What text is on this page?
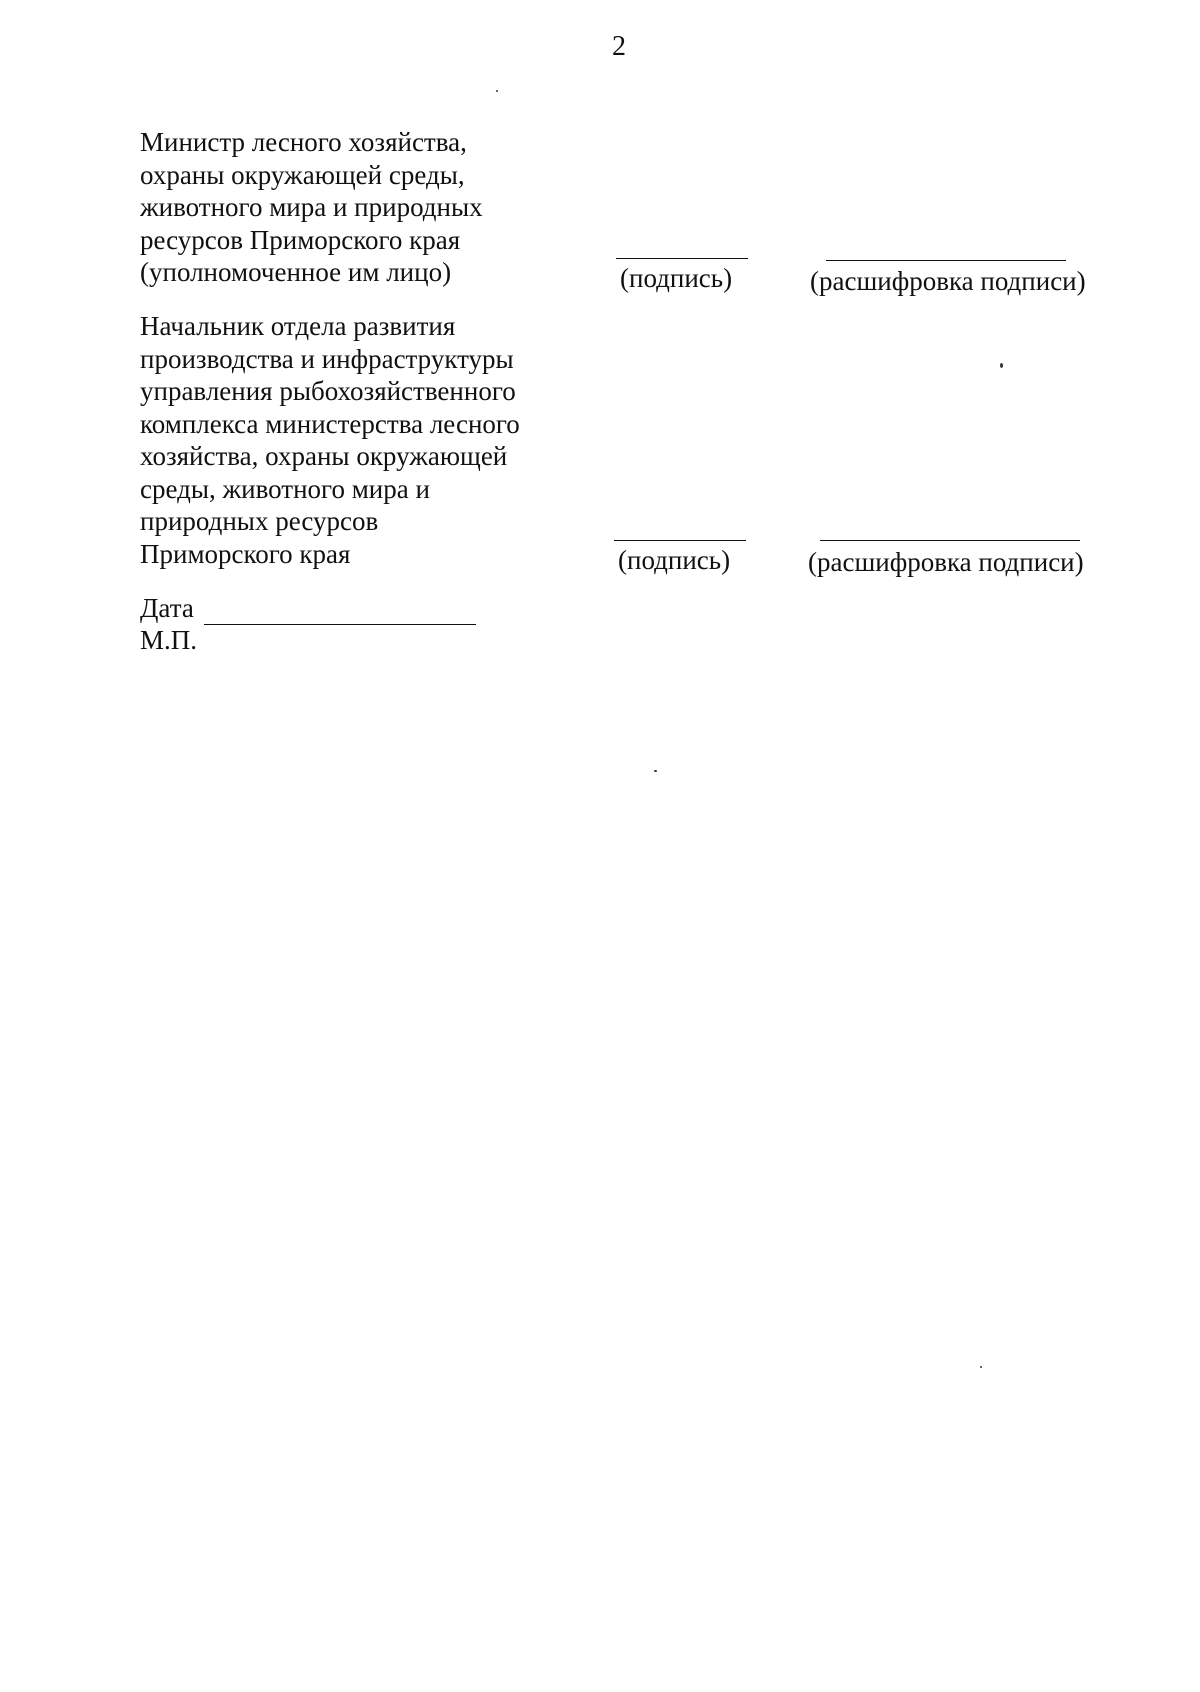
2
Министр лесного хозяйства,
охраны окружающей среды,
животного мира и природных
ресурсов Приморского края
(уполномоченное им лицо)	(подпись)	(расшифровка подписи)
Начальник отдела развития
производства и инфраструктуры
управления рыбохозяйственного
комплекса министерства лесного
хозяйства, охраны окружающей
среды, животного мира и
природных ресурсов
Приморского края	(подпись)	(расшифровка подписи)
Дата
М.П.
